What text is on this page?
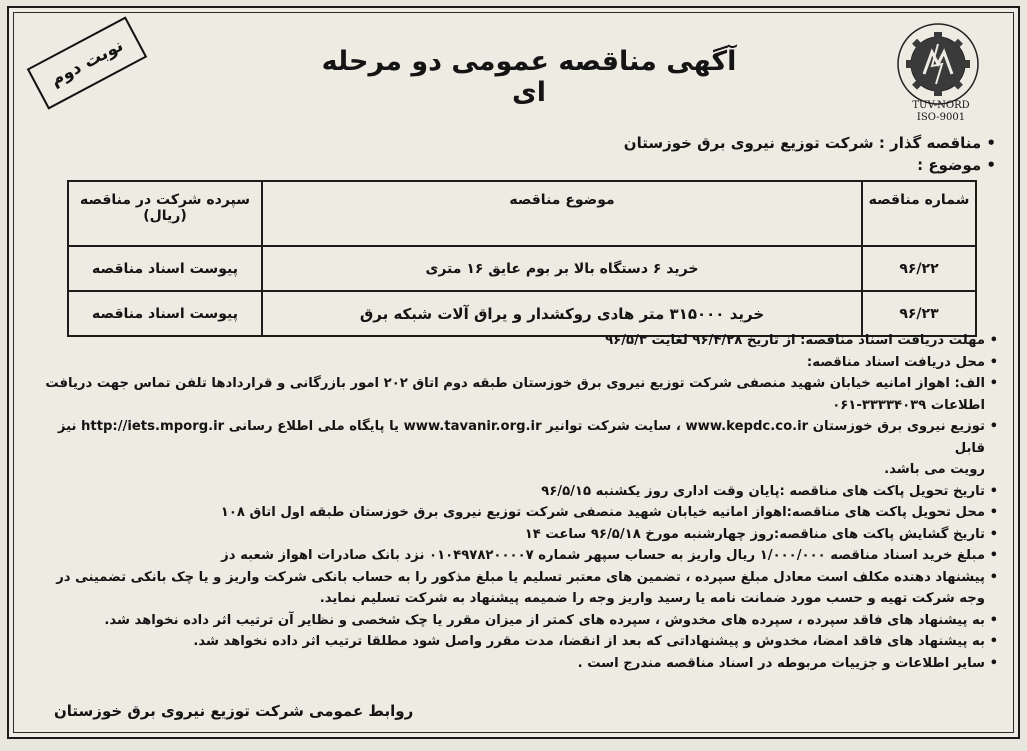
نوبت دوم	آگهی مناقصه عمومی دو مرحله ای	TUV-NORD
ISO-9001
• مناقصه گذار : شرکت توزیع نیروی برق خوزستان
• موضوع :
شماره مناقصه	موضوع مناقصه	سپرده شرکت در مناقصه (ریال)
۹۶/۲۲	خرید ۶ دستگاه بالا بر بوم عایق ۱۶ متری	پیوست اسناد مناقصه
۹۶/۲۳	خرید ۳۱۵۰۰۰ متر هادی روکشدار و یراق آلات شبکه برق	پیوست اسناد مناقصه
• مهلت دریافت اسناد مناقصه: از تاریخ ۹۶/۴/۲۸ لغایت ۹۶/۵/۳
• محل دریافت اسناد مناقصه:
• الف: اهواز امانیه خیابان شهید منصفی شرکت توزیع نیروی برق خوزستان طبقه دوم اتاق ۲۰۲ امور بازرگانی و قراردادها تلفن تماس جهت دریافت
اطلاعات ۳۳۳۳۴۰۳۹-۰۶۱
• توزیع نیروی برق خوزستان www.kepdc.co.ir ، سایت شرکت توانیر www.tavanir.org.ir یا پایگاه ملی اطلاع رسانی http://iets.mporg.ir نیز قابل
رویت می باشد.
• تاریخ تحویل پاکت های مناقصه :پایان وقت اداری روز یکشنبه ۹۶/۵/۱۵
• محل تحویل پاکت های مناقصه:اهواز امانیه خیابان شهید منصفی شرکت توزیع نیروی برق خوزستان طبقه اول اتاق ۱۰۸
• تاریخ گشایش پاکت های مناقصه:روز چهارشنبه مورخ ۹۶/۵/۱۸ ساعت ۱۴
• مبلغ خرید اسناد مناقصه ۱/۰۰۰/۰۰۰ ریال واریز به حساب سپهر شماره ۰۱۰۴۹۷۸۲۰۰۰۰۷ نزد بانک صادرات اهواز شعبه دز
• پیشنهاد دهنده مکلف است معادل مبلغ سپرده ، تضمین های معتبر تسلیم یا مبلغ مذکور را به حساب بانکی شرکت واریز و یا چک بانکی تضمینی در
وجه شرکت تهیه و حسب مورد ضمانت نامه یا رسید واریز وجه را ضمیمه پیشنهاد به شرکت تسلیم نماید.
• به پیشنهاد های فاقد سپرده ، سپرده های مخدوش ، سپرده های کمتر از میزان مقرر یا چک شخصی و نظایر آن ترتیب اثر داده نخواهد شد.
• به پیشنهاد های فاقد امضا، مخدوش و پیشنهاداتی که بعد از انقضا، مدت مقرر واصل شود مطلقا ترتیب اثر داده نخواهد شد.
• سایر اطلاعات و جزییات مربوطه در اسناد مناقصه مندرج است .
روابط عمومی شرکت توزیع نیروی برق خوزستان
